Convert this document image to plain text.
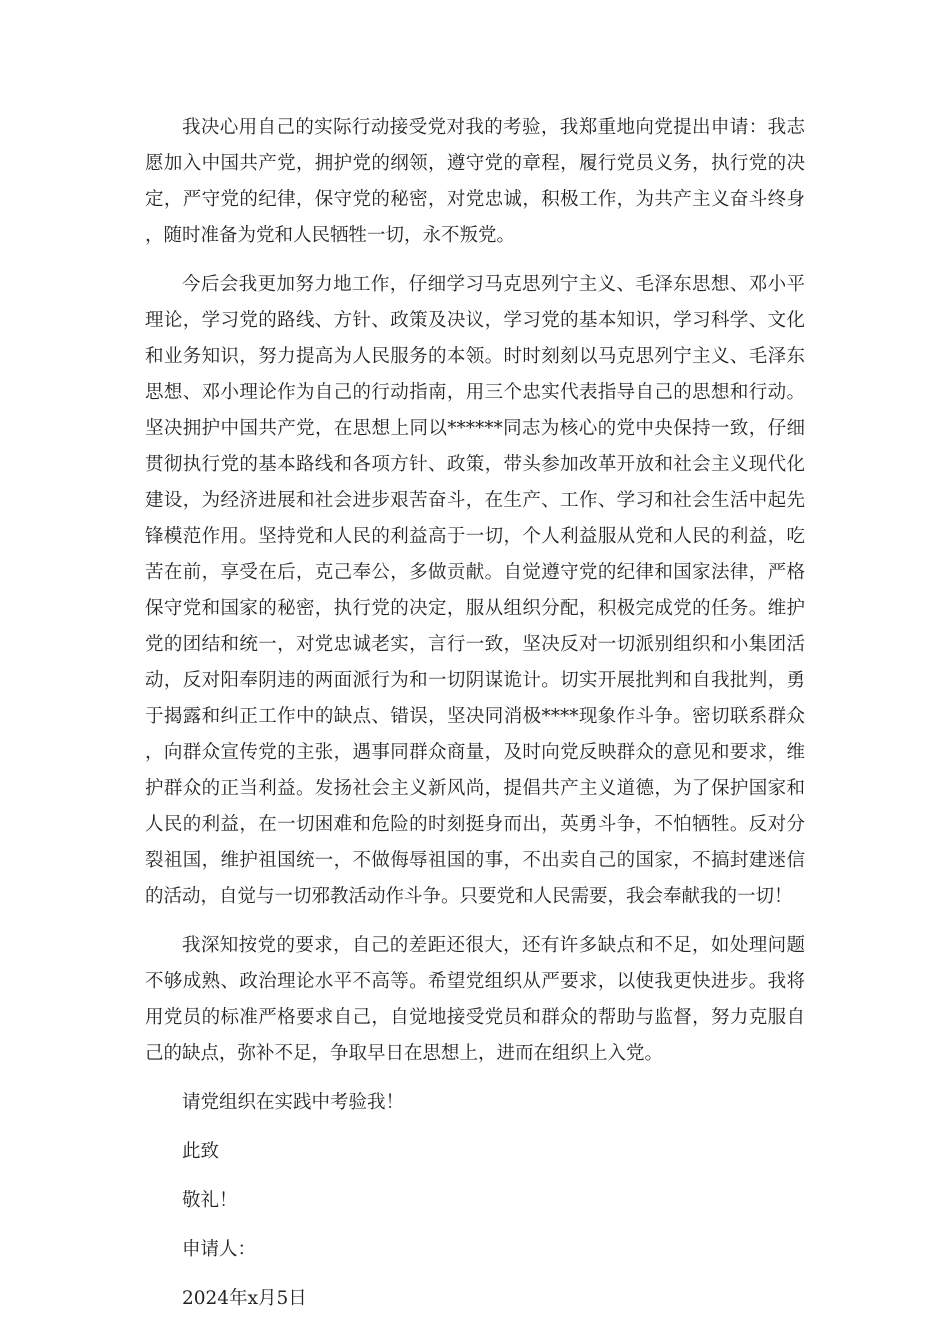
我决心用自己的实际行动接受党对我的考验，我郑重地向党提出申请：我志愿加入中国共产党，拥护党的纲领，遵守党的章程，履行党员义务，执行党的决定，严守党的纪律，保守党的秘密，对党忠诚，积极工作，为共产主义奋斗终身，随时准备为党和人民牺牲一切，永不叛党。

今后会我更加努力地工作，仔细学习马克思列宁主义、毛泽东思想、邓小平理论，学习党的路线、方针、政策及决议，学习党的基本知识，学习科学、文化和业务知识，努力提高为人民服务的本领。时时刻刻以马克思列宁主义、毛泽东思想、邓小理论作为自己的行动指南，用三个忠实代表指导自己的思想和行动。坚决拥护中国共产党，在思想上同以******同志为核心的党中央保持一致，仔细贯彻执行党的基本路线和各项方针、政策，带头参加改革开放和社会主义现代化建设，为经济进展和社会进步艰苦奋斗，在生产、工作、学习和社会生活中起先锋模范作用。坚持党和人民的利益高于一切，个人利益服从党和人民的利益，吃苦在前，享受在后，克己奉公，多做贡献。自觉遵守党的纪律和国家法律，严格保守党和国家的秘密，执行党的决定，服从组织分配，积极完成党的任务。维护党的团结和统一，对党忠诚老实，言行一致，坚决反对一切派别组织和小集团活动，反对阳奉阴违的两面派行为和一切阴谋诡计。切实开展批判和自我批判，勇于揭露和纠正工作中的缺点、错误，坚决同消极****现象作斗争。密切联系群众，向群众宣传党的主张，遇事同群众商量，及时向党反映群众的意见和要求，维护群众的正当利益。发扬社会主义新风尚，提倡共产主义道德，为了保护国家和人民的利益，在一切困难和危险的时刻挺身而出，英勇斗争，不怕牺牲。反对分裂祖国，维护祖国统一，不做侮辱祖国的事，不出卖自己的国家，不搞封建迷信的活动，自觉与一切邪教活动作斗争。只要党和人民需要，我会奉献我的一切！

我深知按党的要求，自己的差距还很大，还有许多缺点和不足，如处理问题不够成熟、政治理论水平不高等。希望党组织从严要求，以使我更快进步。我将用党员的标准严格要求自己，自觉地接受党员和群众的帮助与监督，努力克服自己的缺点，弥补不足，争取早日在思想上，进而在组织上入党。

请党组织在实践中考验我！

此致

敬礼！

申请人：

2024年x月5日
